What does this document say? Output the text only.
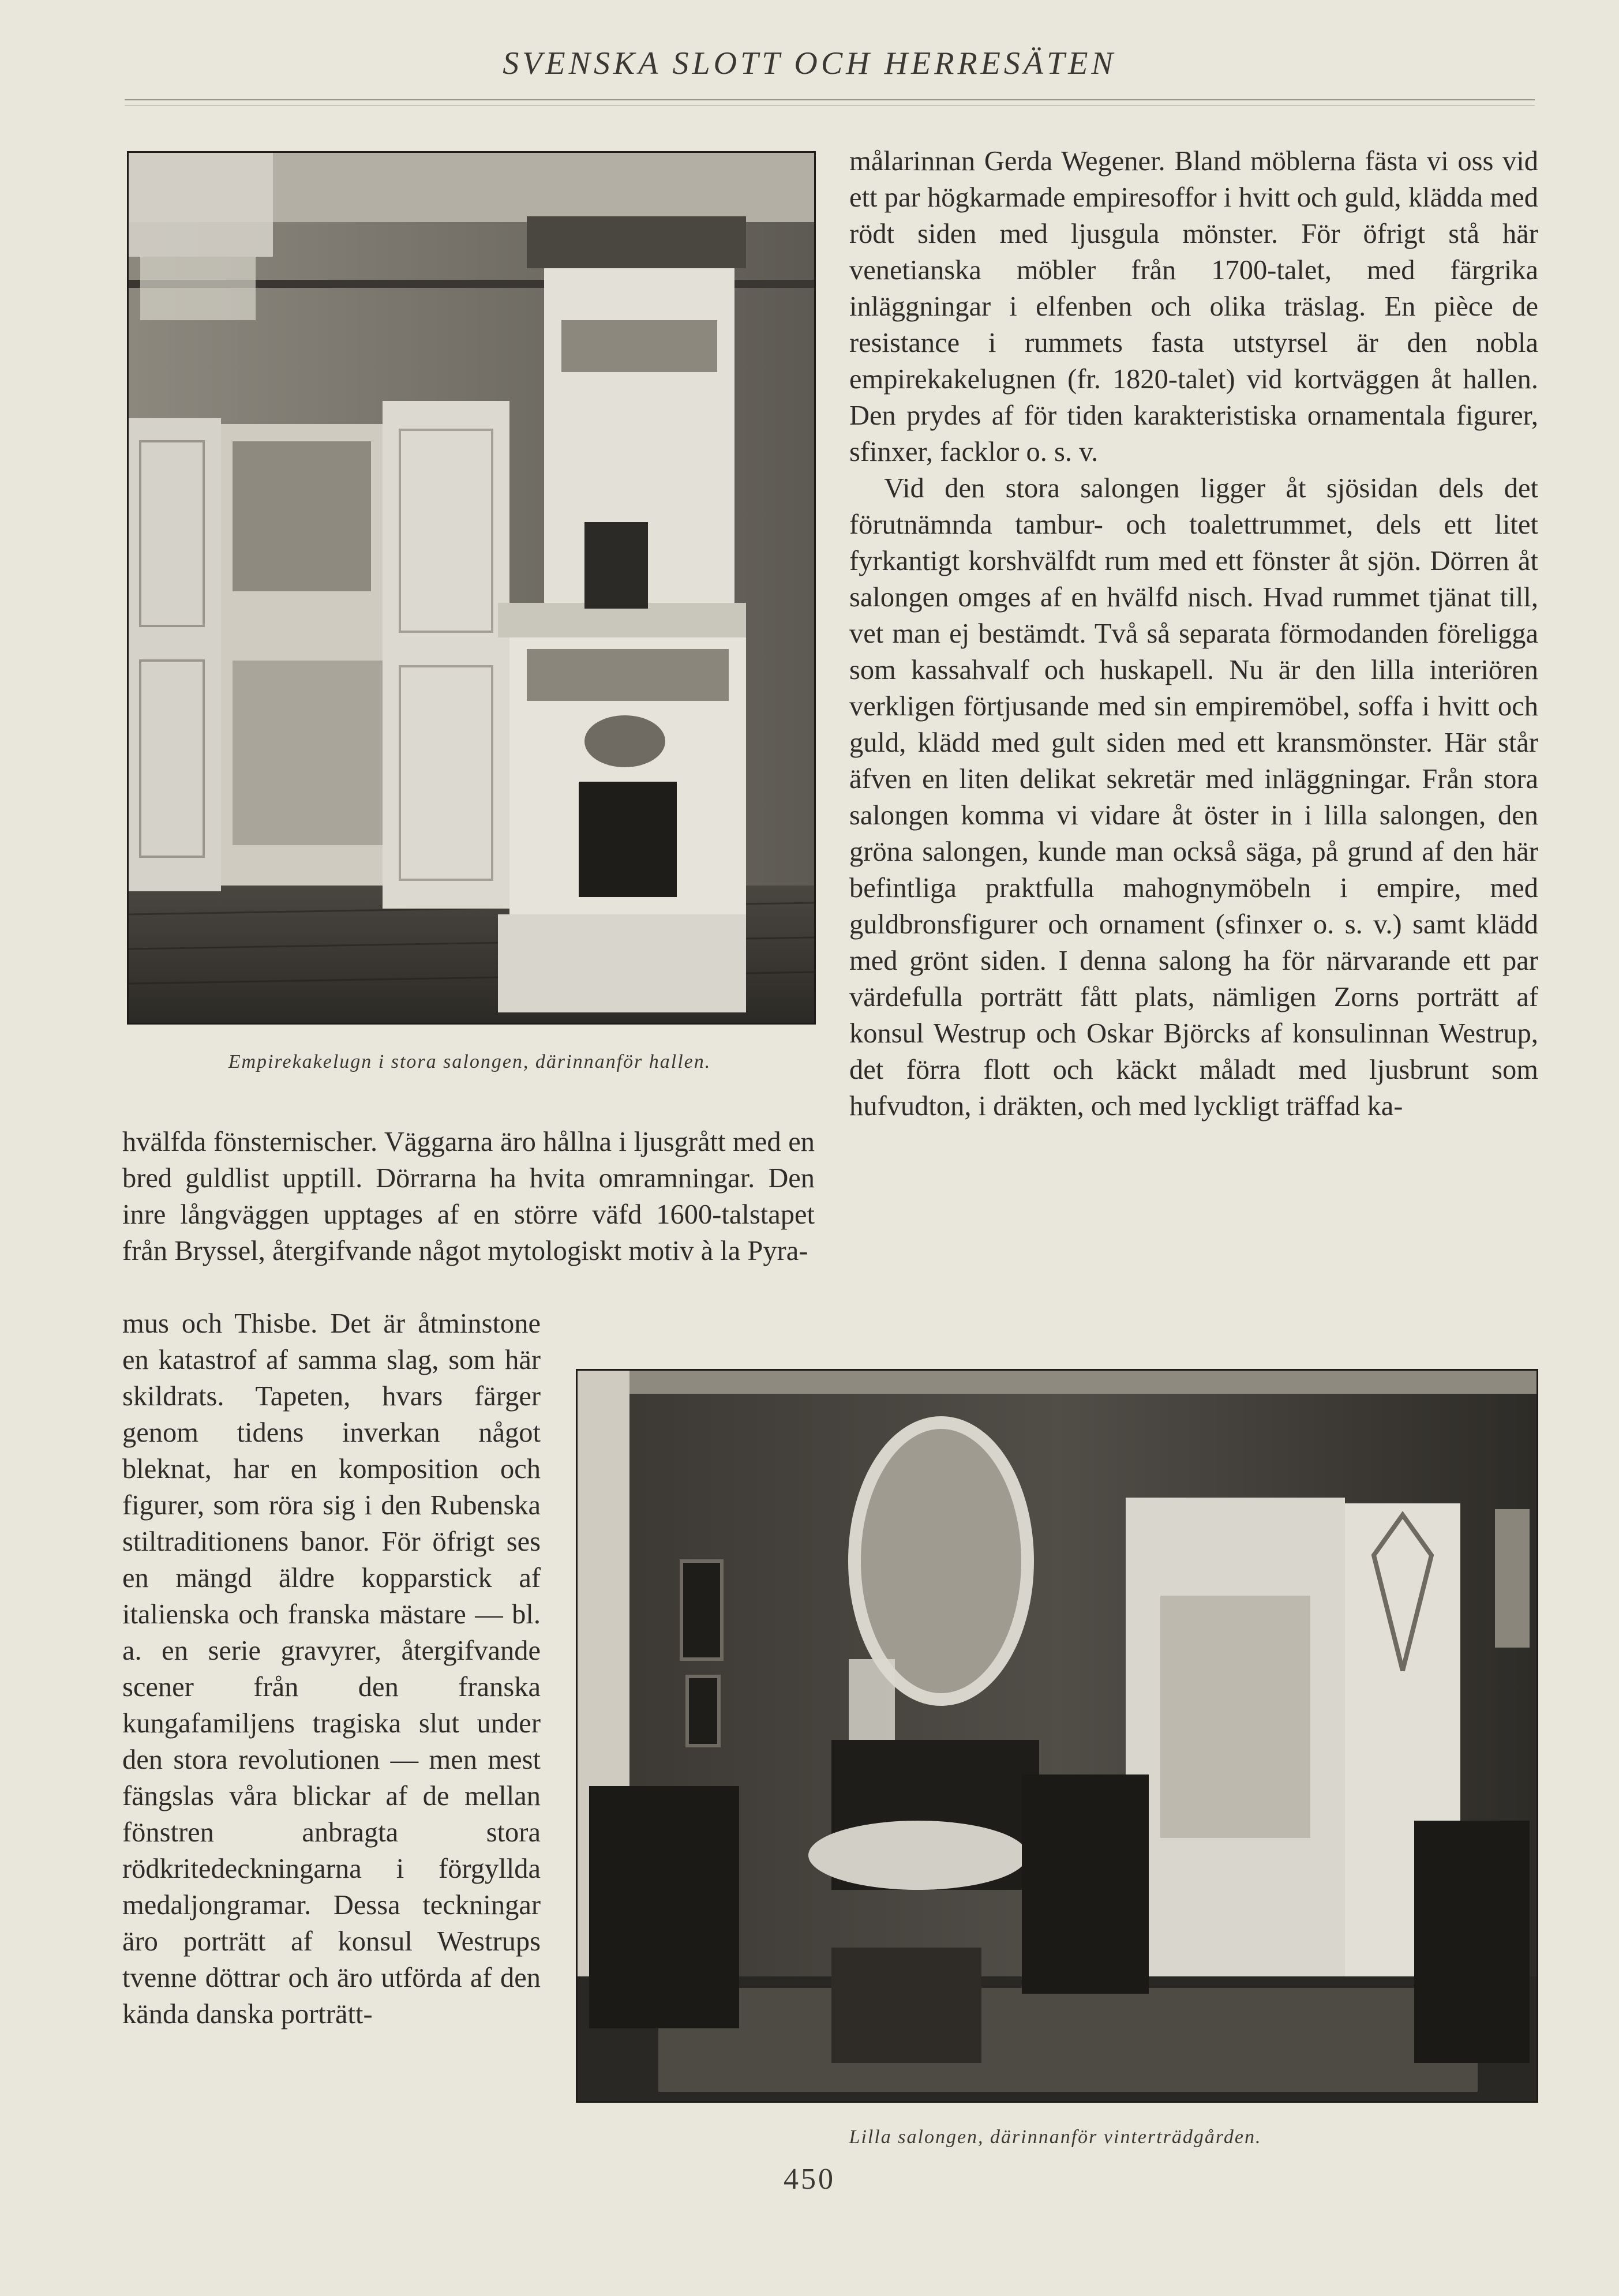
SVENSKA SLOTT OCH HERRESÄTEN
Empirekakelugn i stora salongen, därinnanför hallen.

målarinnan Gerda Wegener. Bland möblerna fästa vi oss vid ett par högkarmade empiresoffor i hvitt och guld, klädda med rödt siden med ljusgula mönster. För öfrigt stå här venetianska möbler från 1700-talet, med färgrika inläggningar i elfenben och olika träslag. En pièce de resistance i rummets fasta utstyrsel är den nobla empirekakelugnen (fr. 1820-talet) vid kortväggen åt hallen. Den prydes af för tiden karakteristiska ornamentala figurer, sfinxer, facklor o. s. v.

Vid den stora salongen ligger åt sjösidan dels det förutnämnda tambur- och toalettrummet, dels ett litet fyrkantigt korshvälfdt rum med ett fönster åt sjön. Dörren åt salongen omges af en hvälfd nisch. Hvad rummet tjänat till, vet man ej bestämdt. Två så separata förmodanden föreligga som kassahvalf och huskapell. Nu är den lilla interiören verkligen förtjusande med sin empiremöbel, soffa i hvitt och guld, klädd med gult siden med ett kransmönster. Här står äfven en liten delikat sekretär med inläggningar. Från stora salongen komma vi vidare åt öster in i lilla salongen, den gröna salongen, kunde man också säga, på grund af den här befintliga praktfulla mahognymöbeln i empire, med guldbronsfigurer och ornament (sfinxer o. s. v.) samt klädd med grönt siden. I denna salong ha för närvarande ett par värdefulla porträtt fått plats, nämligen Zorns porträtt af konsul Westrup och Oskar Björcks af konsulinnan Westrup, det förra flott och käckt måladt med ljusbrunt som hufvudton, i dräkten, och med lyckligt träffad ka-

hvälfda fönsternischer. Väggarna äro hållna i ljusgrått med en bred guldlist upptill. Dörrarna ha hvita omramningar. Den inre långväggen upptages af en större väfd 1600-talstapet från Bryssel, återgifvande något mytologiskt motiv à la Pyra-
mus och Thisbe. Det är åtminstone en katastrof af samma slag, som här skildrats. Tapeten, hvars färger genom tidens inverkan något bleknat, har en komposition och figurer, som röra sig i den Rubenska stiltraditionens banor. För öfrigt ses en mängd äldre kopparstick af italienska och franska mästare — bl. a. en serie gravyrer, återgifvande scener från den franska kungafamiljens tragiska slut under den stora revolutionen — men mest fängslas våra blickar af de mellan fönstren anbragta stora rödkritedeckningarna i förgyllda medaljongramar. Dessa teckningar äro porträtt af konsul Westrups tvenne döttrar och äro utförda af den kända danska porträtt-
Lilla salongen, därinnanför vinterträdgården.
450
